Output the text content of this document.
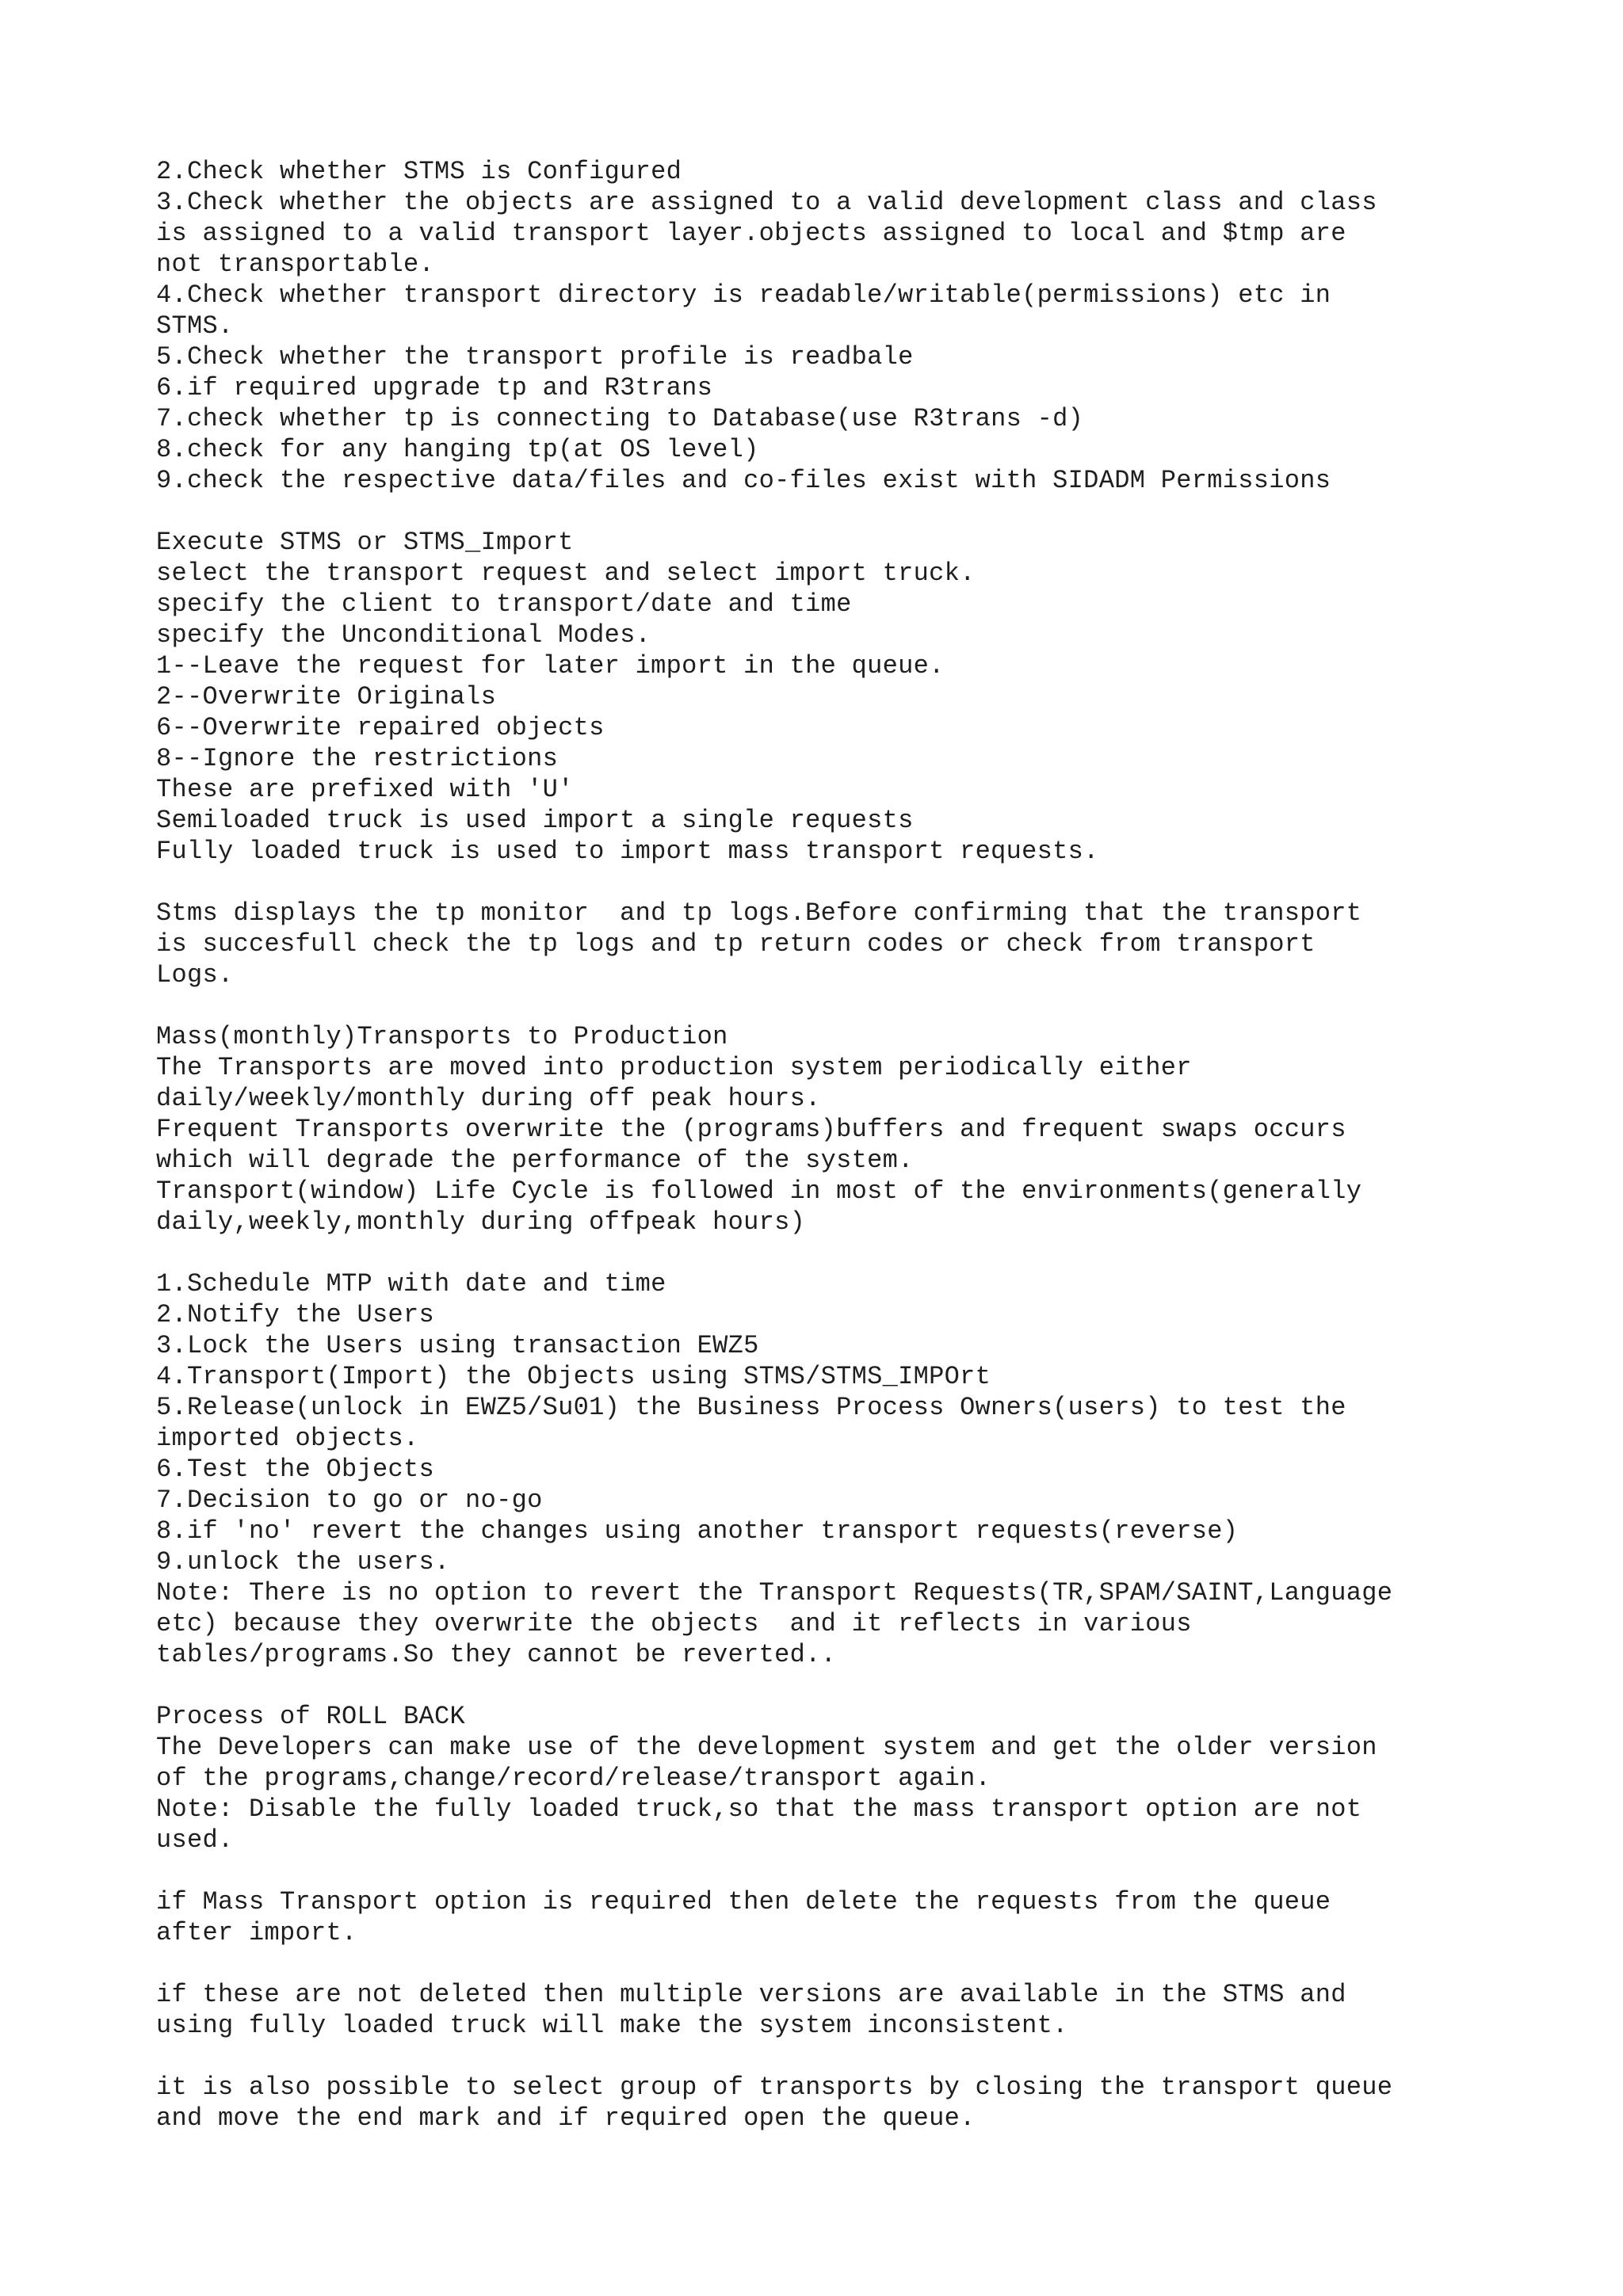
2.Check whether STMS is Configured
3.Check whether the objects are assigned to a valid development class and class
is assigned to a valid transport layer.objects assigned to local and $tmp are
not transportable.
4.Check whether transport directory is readable/writable(permissions) etc in
STMS.
5.Check whether the transport profile is readbale
6.if required upgrade tp and R3trans
7.check whether tp is connecting to Database(use R3trans -d)
8.check for any hanging tp(at OS level)
9.check the respective data/files and co-files exist with SIDADM Permissions
Execute STMS or STMS_Import
select the transport request and select import truck.
specify the client to transport/date and time
specify the Unconditional Modes.
1--Leave the request for later import in the queue.
2--Overwrite Originals
6--Overwrite repaired objects
8--Ignore the restrictions
These are prefixed with 'U'
Semiloaded truck is used import a single requests
Fully loaded truck is used to import mass transport requests.
Stms displays the tp monitor  and tp logs.Before confirming that the transport
is succesfull check the tp logs and tp return codes or check from transport
Logs.
Mass(monthly)Transports to Production
The Transports are moved into production system periodically either
daily/weekly/monthly during off peak hours.
Frequent Transports overwrite the (programs)buffers and frequent swaps occurs
which will degrade the performance of the system.
Transport(window) Life Cycle is followed in most of the environments(generally
daily,weekly,monthly during offpeak hours)
1.Schedule MTP with date and time
2.Notify the Users
3.Lock the Users using transaction EWZ5
4.Transport(Import) the Objects using STMS/STMS_IMPOrt
5.Release(unlock in EWZ5/Su01) the Business Process Owners(users) to test the
imported objects.
6.Test the Objects
7.Decision to go or no-go
8.if 'no' revert the changes using another transport requests(reverse)
9.unlock the users.
Note: There is no option to revert the Transport Requests(TR,SPAM/SAINT,Language
etc) because they overwrite the objects  and it reflects in various
tables/programs.So they cannot be reverted..
Process of ROLL BACK
The Developers can make use of the development system and get the older version
of the programs,change/record/release/transport again.
Note: Disable the fully loaded truck,so that the mass transport option are not
used.
if Mass Transport option is required then delete the requests from the queue
after import.
if these are not deleted then multiple versions are available in the STMS and
using fully loaded truck will make the system inconsistent.
it is also possible to select group of transports by closing the transport queue
and move the end mark and if required open the queue.
